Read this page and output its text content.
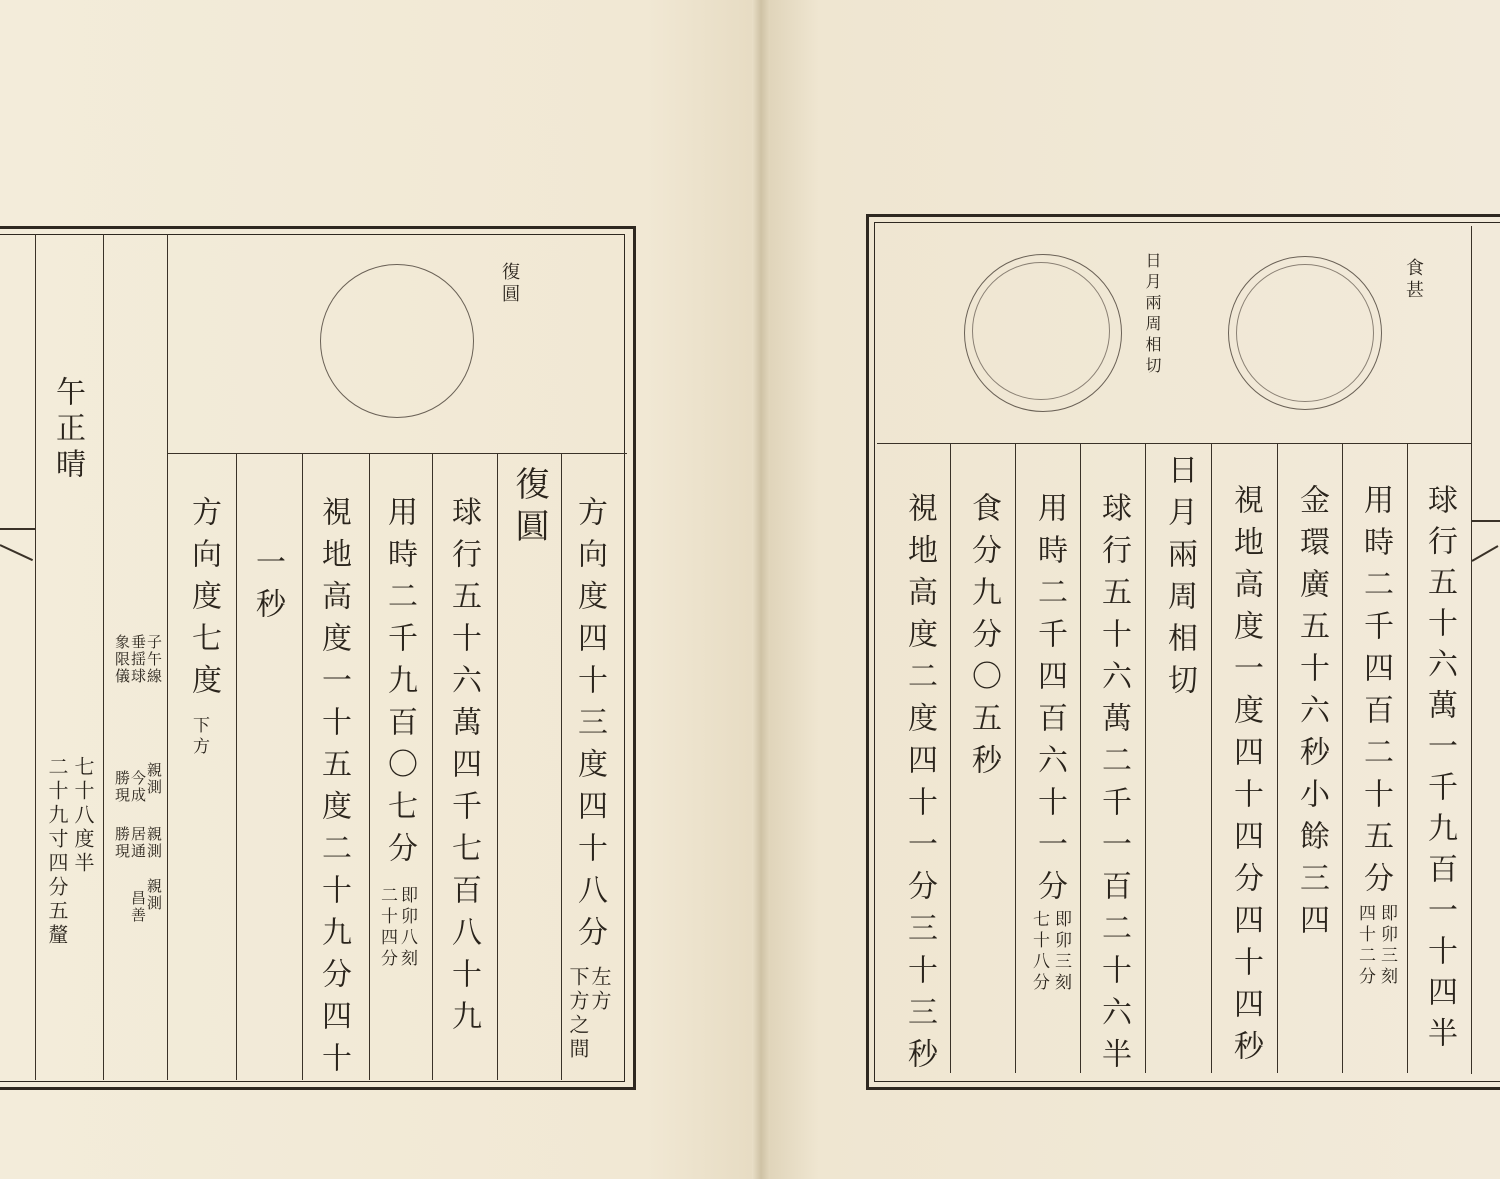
午正晴
七十八度半
二十九寸四分五釐
子午線
垂揺球
象限儀
親測
今成
勝現
親測
居通
勝現
親測
昌善
復圓
方向度四十三度四十八分
左方
下方之間
復圓
球行五十六萬四千七百八十九
用時二千九百〇七分
二十四分 即卯八刻
視地高度一十五度二十九分四十
一秒
方向度七度
下方
食甚
日月兩周相切
球行五十六萬一千九百一十四半
用時二千四百二十五分
四十二分 即卯三刻
金環廣五十六秒小餘三四
視地高度一度四十四分四十四秒
日月兩周相切
球行五十六萬二千一百二十六半
用時二千四百六十一分
七十八分 即卯三刻
食分九分〇五秒
視地高度二度四十一分三十三秒
